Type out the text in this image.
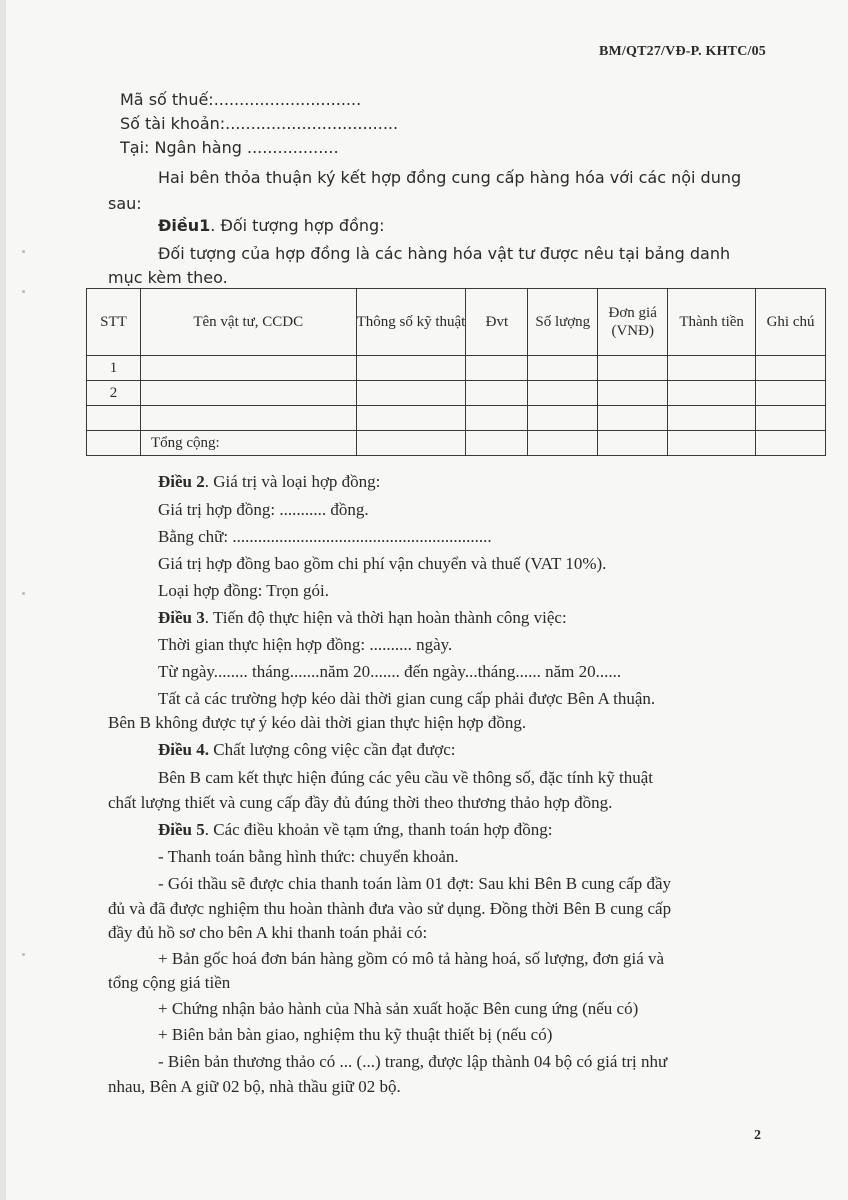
BM/QT27/VĐ-P. KHTC/05
Mã số thuế:.............................
Số tài khoản:..................................
Tại: Ngân hàng ..................
Hai bên thỏa thuận ký kết hợp đồng cung cấp hàng hóa với các nội dung
sau:
Điều1. Đối tượng hợp đồng:
Đối tượng của hợp đồng là các hàng hóa vật tư được nêu tại bảng danh
mục kèm theo.
STT	Tên vật tư, CCDC	Thông số kỹ thuật	Đvt	Số lượng	Đơn giá (VNĐ)	Thành tiền	Ghi chú
1							
2							

	Tổng cộng:						
Điều 2. Giá trị và loại hợp đồng:
Giá trị hợp đồng: ........... đồng.
Bằng chữ: .............................................................
Giá trị hợp đồng bao gồm chi phí vận chuyển và thuế (VAT 10%).
Loại hợp đồng: Trọn gói.
Điều 3. Tiến độ thực hiện và thời hạn hoàn thành công việc:
Thời gian thực hiện hợp đồng: .......... ngày.
Từ ngày........ tháng.......năm 20....... đến ngày...tháng...... năm 20......
Tất cả các trường hợp kéo dài thời gian cung cấp phải được Bên A thuận.
Bên B không được tự ý kéo dài thời gian thực hiện hợp đồng.
Điều 4. Chất lượng công việc cần đạt được:
Bên B cam kết thực hiện đúng các yêu cầu về thông số, đặc tính kỹ thuật
chất lượng thiết và cung cấp đầy đủ đúng thời theo thương thảo hợp đồng.
Điều 5. Các điều khoản về tạm ứng, thanh toán hợp đồng:
- Thanh toán bằng hình thức: chuyển khoản.
- Gói thầu sẽ được chia thanh toán làm 01 đợt: Sau khi Bên B cung cấp đầy
đủ và đã được nghiệm thu hoàn thành đưa vào sử dụng. Đồng thời Bên B cung cấp
đầy đủ hồ sơ cho bên A khi thanh toán phải có:
+ Bản gốc hoá đơn bán hàng gồm có mô tả hàng hoá, số lượng, đơn giá và
tổng cộng giá tiền
+ Chứng nhận bảo hành của Nhà sản xuất hoặc Bên cung ứng (nếu có)
+ Biên bản bàn giao, nghiệm thu kỹ thuật thiết bị (nếu có)
- Biên bản thương thảo có ... (...) trang, được lập thành 04 bộ có giá trị như
nhau, Bên A giữ 02 bộ, nhà thầu giữ 02 bộ.
2
